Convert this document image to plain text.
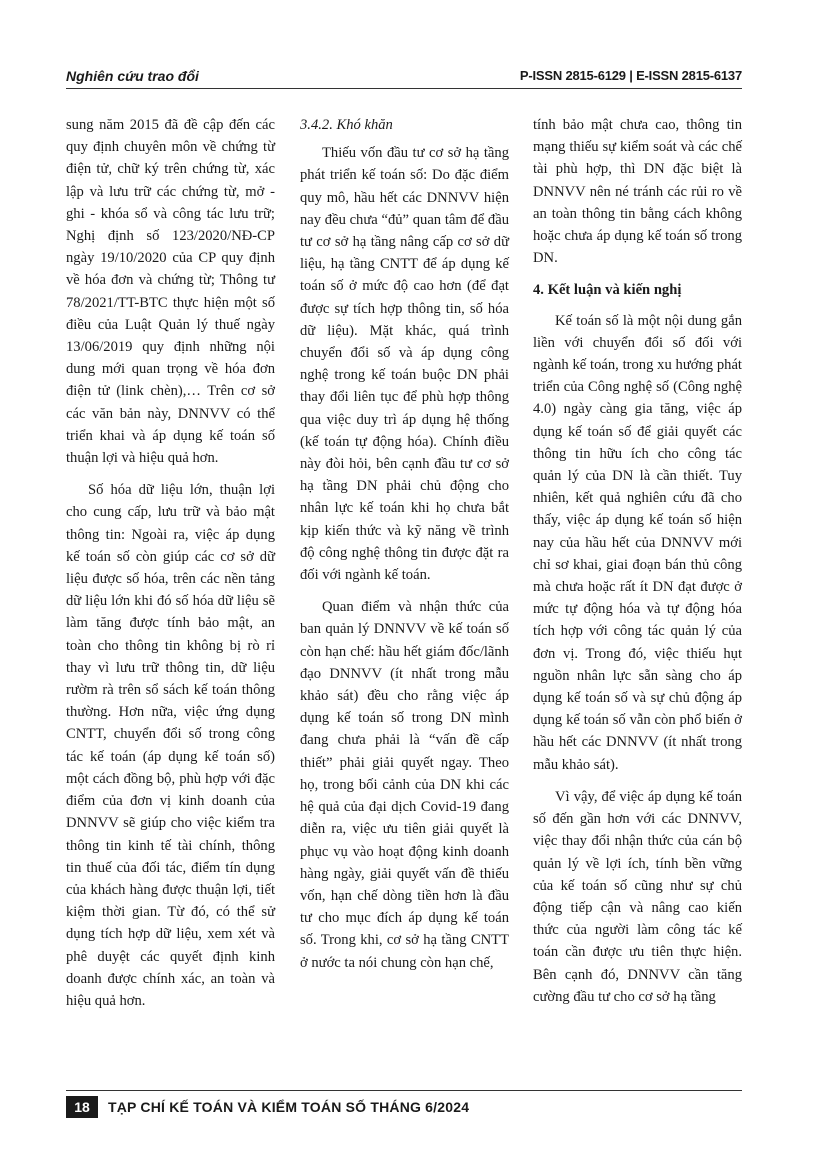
Nghiên cứu trao đổi	P-ISSN 2815-6129 | E-ISSN 2815-6137

sung năm 2015 đã đề cập đến các quy định chuyên môn về chứng từ điện tử, chữ ký trên chứng từ, xác lập và lưu trữ các chứng từ, mở - ghi - khóa sổ và công tác lưu trữ; Nghị định số 123/2020/NĐ-CP ngày 19/10/2020 của CP quy định về hóa đơn và chứng từ; Thông tư 78/2021/TT-BTC thực hiện một số điều của Luật Quản lý thuế ngày 13/06/2019 quy định những nội dung mới quan trọng về hóa đơn điện tử (link chèn),… Trên cơ sở các văn bản này, DNNVV có thể triển khai và áp dụng kế toán số thuận lợi và hiệu quả hơn.

Số hóa dữ liệu lớn, thuận lợi cho cung cấp, lưu trữ và bảo mật thông tin: Ngoài ra, việc áp dụng kế toán số còn giúp các cơ sở dữ liệu được số hóa, trên các nền tảng dữ liệu lớn khi đó số hóa dữ liệu sẽ làm tăng được tính bảo mật, an toàn cho thông tin không bị rò rỉ thay vì lưu trữ thông tin, dữ liệu rườm rà trên sổ sách kế toán thông thường. Hơn nữa, việc ứng dụng CNTT, chuyển đổi số trong công tác kế toán (áp dụng kế toán số) một cách đồng bộ, phù hợp với đặc điểm của đơn vị kinh doanh của DNNVV sẽ giúp cho việc kiểm tra thông tin kinh tế tài chính, thông tin thuế của đối tác, điểm tín dụng của khách hàng được thuận lợi, tiết kiệm thời gian. Từ đó, có thể sử dụng tích hợp dữ liệu, xem xét và phê duyệt các quyết định kinh doanh được chính xác, an toàn và hiệu quả hơn.

3.4.2. Khó khăn

Thiếu vốn đầu tư cơ sở hạ tầng phát triển kế toán số: Do đặc điểm quy mô, hầu hết các DNNVV hiện nay đều chưa “đủ” quan tâm để đầu tư cơ sở hạ tầng nâng cấp cơ sở dữ liệu, hạ tầng CNTT để áp dụng kế toán số ở mức độ cao hơn (để đạt được sự tích hợp thông tin, số hóa dữ liệu). Mặt khác, quá trình chuyển đổi số và áp dụng công nghệ trong kế toán buộc DN phải thay đổi liên tục để phù hợp thông qua việc duy trì áp dụng hệ thống (kế toán tự động hóa). Chính điều này đòi hỏi, bên cạnh đầu tư cơ sở hạ tầng DN phải chủ động cho nhân lực kế toán khi họ chưa bắt kịp kiến thức và kỹ năng về trình độ công nghệ thông tin được đặt ra đối với ngành kế toán.

Quan điểm và nhận thức của ban quản lý DNNVV về kế toán số còn hạn chế: hầu hết giám đốc/lãnh đạo DNNVV (ít nhất trong mẫu khảo sát) đều cho rằng việc áp dụng kế toán số trong DN mình đang chưa phải là “vấn đề cấp thiết” phải giải quyết ngay. Theo họ, trong bối cảnh của DN khi các hệ quả của đại dịch Covid-19 đang diễn ra, việc ưu tiên giải quyết là phục vụ vào hoạt động kinh doanh hàng ngày, giải quyết vấn đề thiếu vốn, hạn chế dòng tiền hơn là đầu tư cho mục đích áp dụng kế toán số. Trong khi, cơ sở hạ tầng CNTT ở nước ta nói chung còn hạn chế,

tính bảo mật chưa cao, thông tin mạng thiếu sự kiểm soát và các chế tài phù hợp, thì DN đặc biệt là DNNVV nên né tránh các rủi ro về an toàn thông tin bằng cách không hoặc chưa áp dụng kế toán số trong DN.

4. Kết luận và kiến nghị

Kế toán số là một nội dung gắn liền với chuyển đổi số đối với ngành kế toán, trong xu hướng phát triển của Công nghệ số (Công nghệ 4.0) ngày càng gia tăng, việc áp dụng kế toán số để giải quyết các thông tin hữu ích cho công tác quản lý của DN là cần thiết. Tuy nhiên, kết quả nghiên cứu đã cho thấy, việc áp dụng kế toán số hiện nay của hầu hết của DNNVV mới chỉ sơ khai, giai đoạn bán thủ công mà chưa hoặc rất ít DN đạt được ở mức tự động hóa và tự động hóa tích hợp với công tác quản lý của đơn vị. Trong đó, việc thiếu hụt nguồn nhân lực sẵn sàng cho áp dụng kế toán số và sự chủ động áp dụng kế toán số vẫn còn phổ biến ở hầu hết các DNNVV (ít nhất trong mẫu khảo sát).

Vì vậy, để việc áp dụng kế toán số đến gần hơn với các DNNVV, việc thay đổi nhận thức của cán bộ quản lý về lợi ích, tính bền vững của kế toán số cũng như sự chủ động tiếp cận và nâng cao kiến thức của người làm công tác kế toán cần được ưu tiên thực hiện. Bên cạnh đó, DNNVV cần tăng cường đầu tư cho cơ sở hạ tầng

18	TẠP CHÍ KẾ TOÁN VÀ KIỂM TOÁN SỐ THÁNG 6/2024
